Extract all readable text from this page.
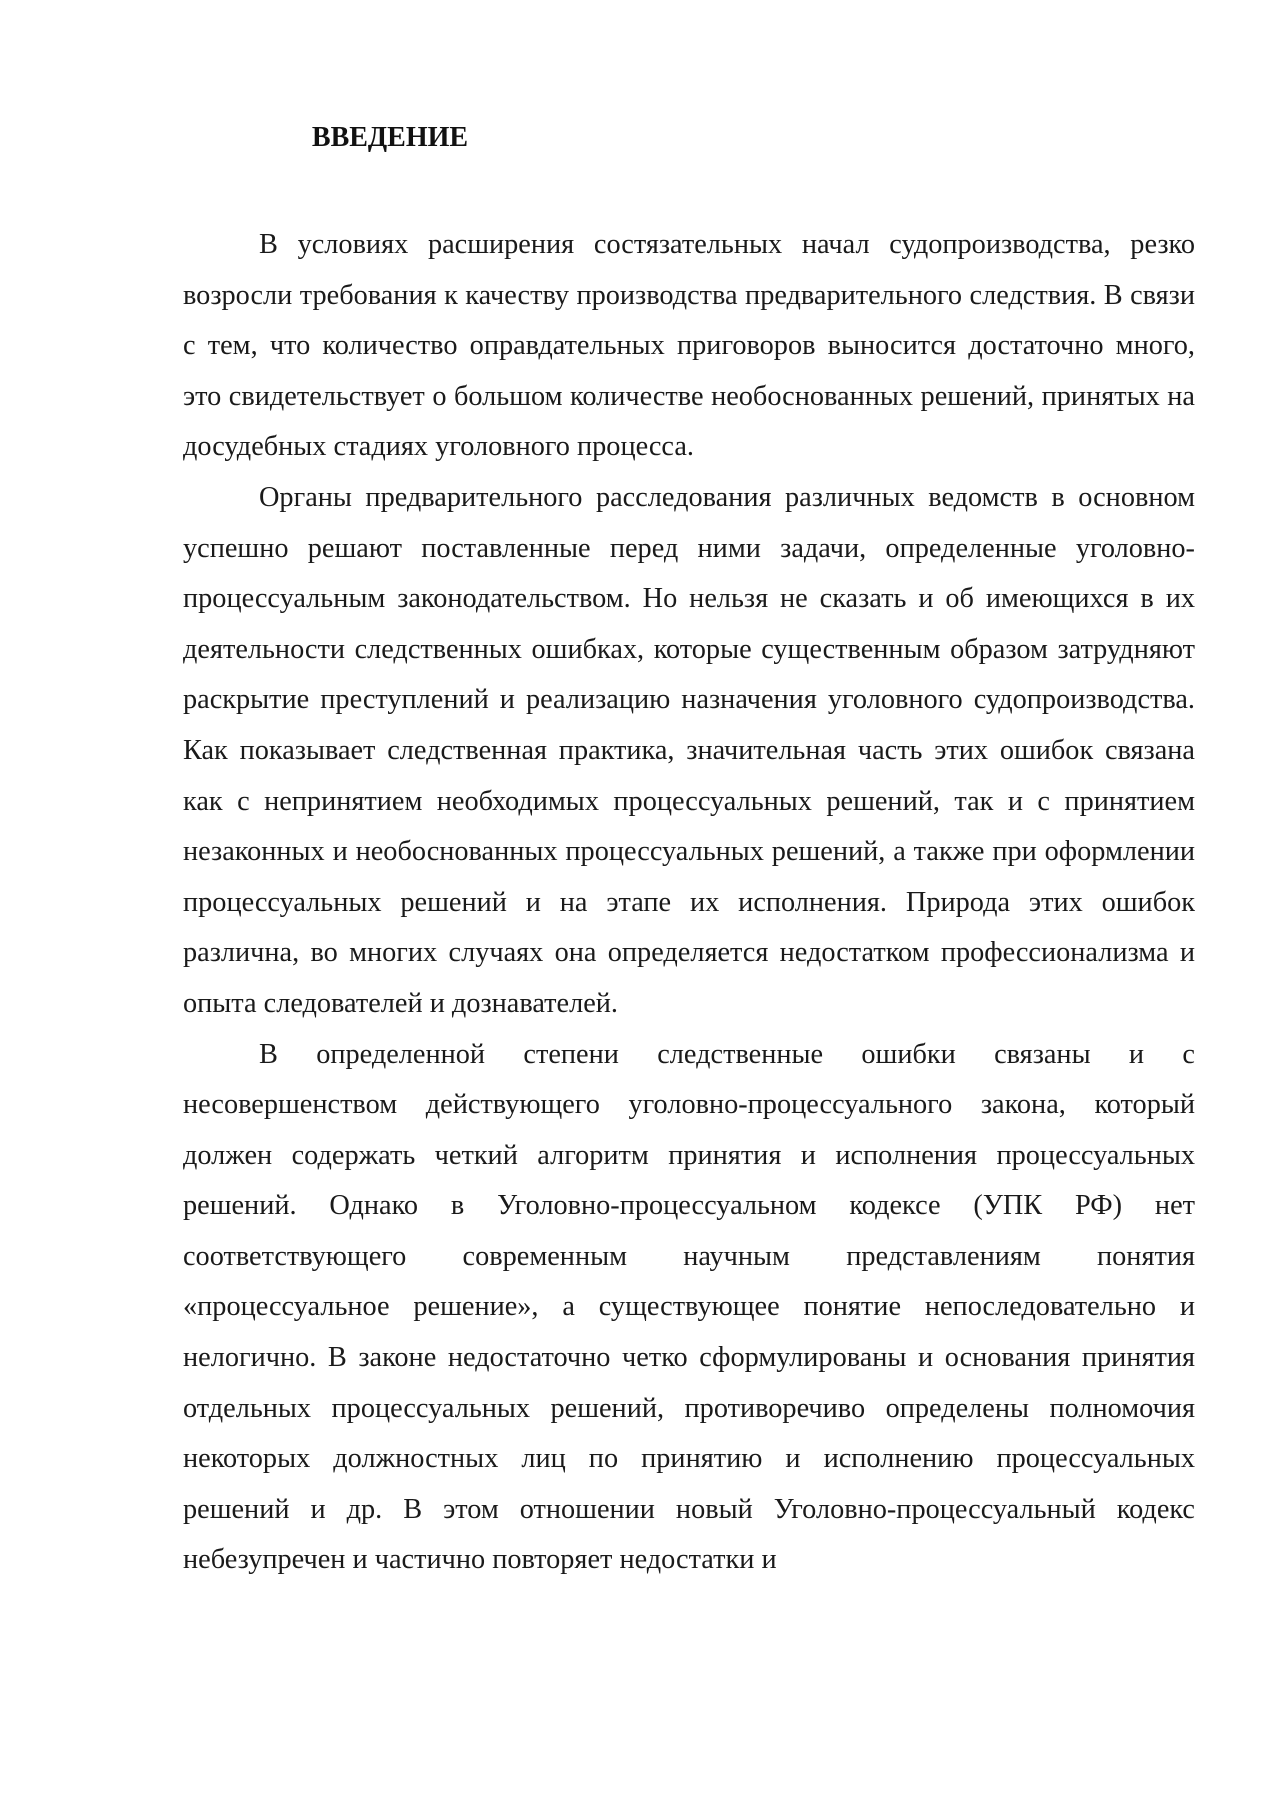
ВВЕДЕНИЕ

В условиях расширения состязательных начал судопроизводства, резко возросли требования к качеству производства предварительного следствия. В связи с тем, что количество оправдательных приговоров выносится достаточно много, это свидетельствует о большом количестве необоснованных решений, принятых на досудебных стадиях уголовного процесса.

Органы предварительного расследования различных ведомств в основном успешно решают поставленные перед ними задачи, определенные уголовно-процессуальным законодательством. Но нельзя не сказать и об имеющихся в их деятельности следственных ошибках, которые существенным образом затрудняют раскрытие преступлений и реализацию назначения уголовного судопроизводства. Как показывает следственная практика, значительная часть этих ошибок связана как с непринятием необходимых процессуальных решений, так и с принятием незаконных и необоснованных процессуальных решений, а также при оформлении процессуальных решений и на этапе их исполнения. Природа этих ошибок различна, во многих случаях она определяется недостатком профессионализма и опыта следователей и дознавателей.

В определенной степени следственные ошибки связаны и с несовершенством действующего уголовно-процессуального закона, который должен содержать четкий алгоритм принятия и исполнения процессуальных решений. Однако в Уголовно-процессуальном кодексе (УПК РФ) нет соответствующего современным научным представлениям понятия «процессуальное решение», а существующее понятие непоследовательно и нелогично. В законе недостаточно четко сформулированы и основания принятия отдельных процессуальных решений, противоречиво определены полномочия некоторых должностных лиц по принятию и исполнению процессуальных решений и др. В этом отношении новый Уголовно-процессуальный кодекс небезупречен и частично повторяет недостатки и
